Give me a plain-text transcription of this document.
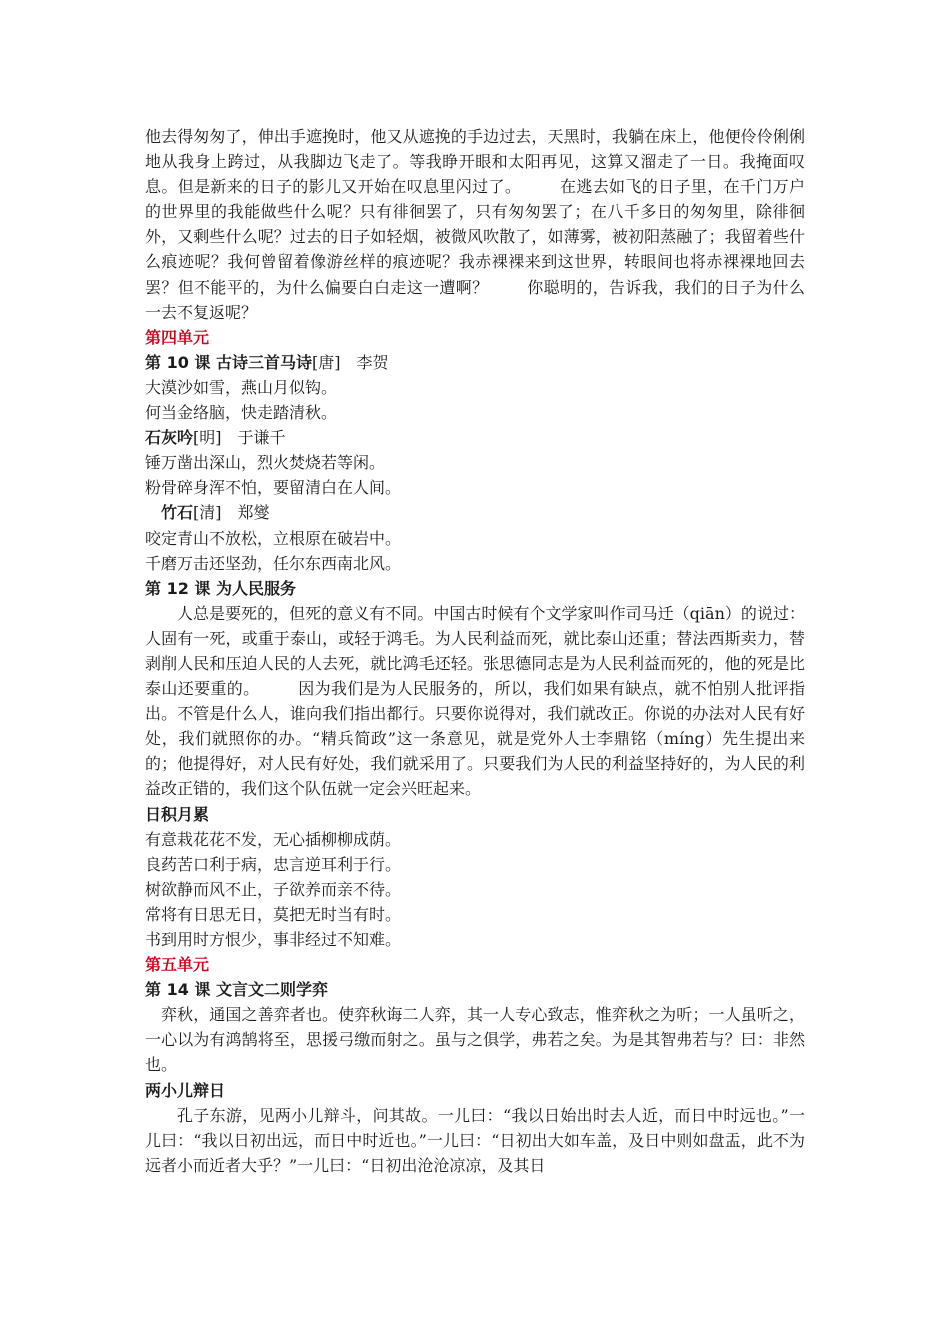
他去得匆匆了，伸出手遮挽时，他又从遮挽的手边过去，天黑时，我躺在床上，他便伶伶俐俐地从我身上跨过，从我脚边飞走了。等我睁开眼和太阳再见，这算又溜走了一日。我掩面叹息。但是新来的日子的影儿又开始在叹息里闪过了。 在逃去如飞的日子里，在千门万户的世界里的我能做些什么呢？只有徘徊罢了，只有匆匆罢了；在八千多日的匆匆里，除徘徊外，又剩些什么呢？过去的日子如轻烟，被微风吹散了，如薄雾，被初阳蒸融了；我留着些什么痕迹呢？我何曾留着像游丝样的痕迹呢？我赤裸裸来到这世界，转眼间也将赤裸裸地回去罢？但不能平的，为什么偏要白白走这一遭啊？ 你聪明的，告诉我，我们的日子为什么一去不复返呢？

第四单元

第 10 课 古诗三首马诗[唐]　李贺

大漠沙如雪，燕山月似钩。

何当金络脑，快走踏清秋。

石灰吟[明]　于谦千

锤万凿出深山，烈火焚烧若等闲。

粉骨碎身浑不怕，要留清白在人间。

竹石[清]　郑燮

咬定青山不放松，立根原在破岩中。

千磨万击还坚劲，任尔东西南北风。

第 12 课 为人民服务

人总是要死的，但死的意义有不同。中国古时候有个文学家叫作司马迁（qiān）的说过：人固有一死，或重于泰山，或轻于鸿毛。为人民利益而死，就比泰山还重；替法西斯卖力，替剥削人民和压迫人民的人去死，就比鸿毛还轻。张思德同志是为人民利益而死的，他的死是比泰山还要重的。 因为我们是为人民服务的，所以，我们如果有缺点，就不怕别人批评指出。不管是什么人，谁向我们指出都行。只要你说得对，我们就改正。你说的办法对人民有好处，我们就照你的办。“精兵简政”这一条意见，就是党外人士李鼎铭（míng）先生提出来的；他提得好，对人民有好处，我们就采用了。只要我们为人民的利益坚持好的，为人民的利益改正错的，我们这个队伍就一定会兴旺起来。

日积月累

有意栽花花不发，无心插柳柳成荫。

良药苦口利于病，忠言逆耳利于行。

树欲静而风不止，子欲养而亲不待。

常将有日思无日，莫把无时当有时。

书到用时方恨少，事非经过不知难。

第五单元

第 14 课 文言文二则学弈

弈秋，通国之善弈者也。使弈秋诲二人弈，其一人专心致志，惟弈秋之为听；一人虽听之，一心以为有鸿鹄将至，思援弓缴而射之。虽与之俱学，弗若之矣。为是其智弗若与？曰：非然也。

两小儿辩日

孔子东游，见两小儿辩斗，问其故。一儿曰：“我以日始出时去人近，而日中时远也。”一儿曰：“我以日初出远，而日中时近也。”一儿曰：“日初出大如车盖，及日中则如盘盂，此不为远者小而近者大乎？”一儿曰：“日初出沧沧凉凉，及其日
